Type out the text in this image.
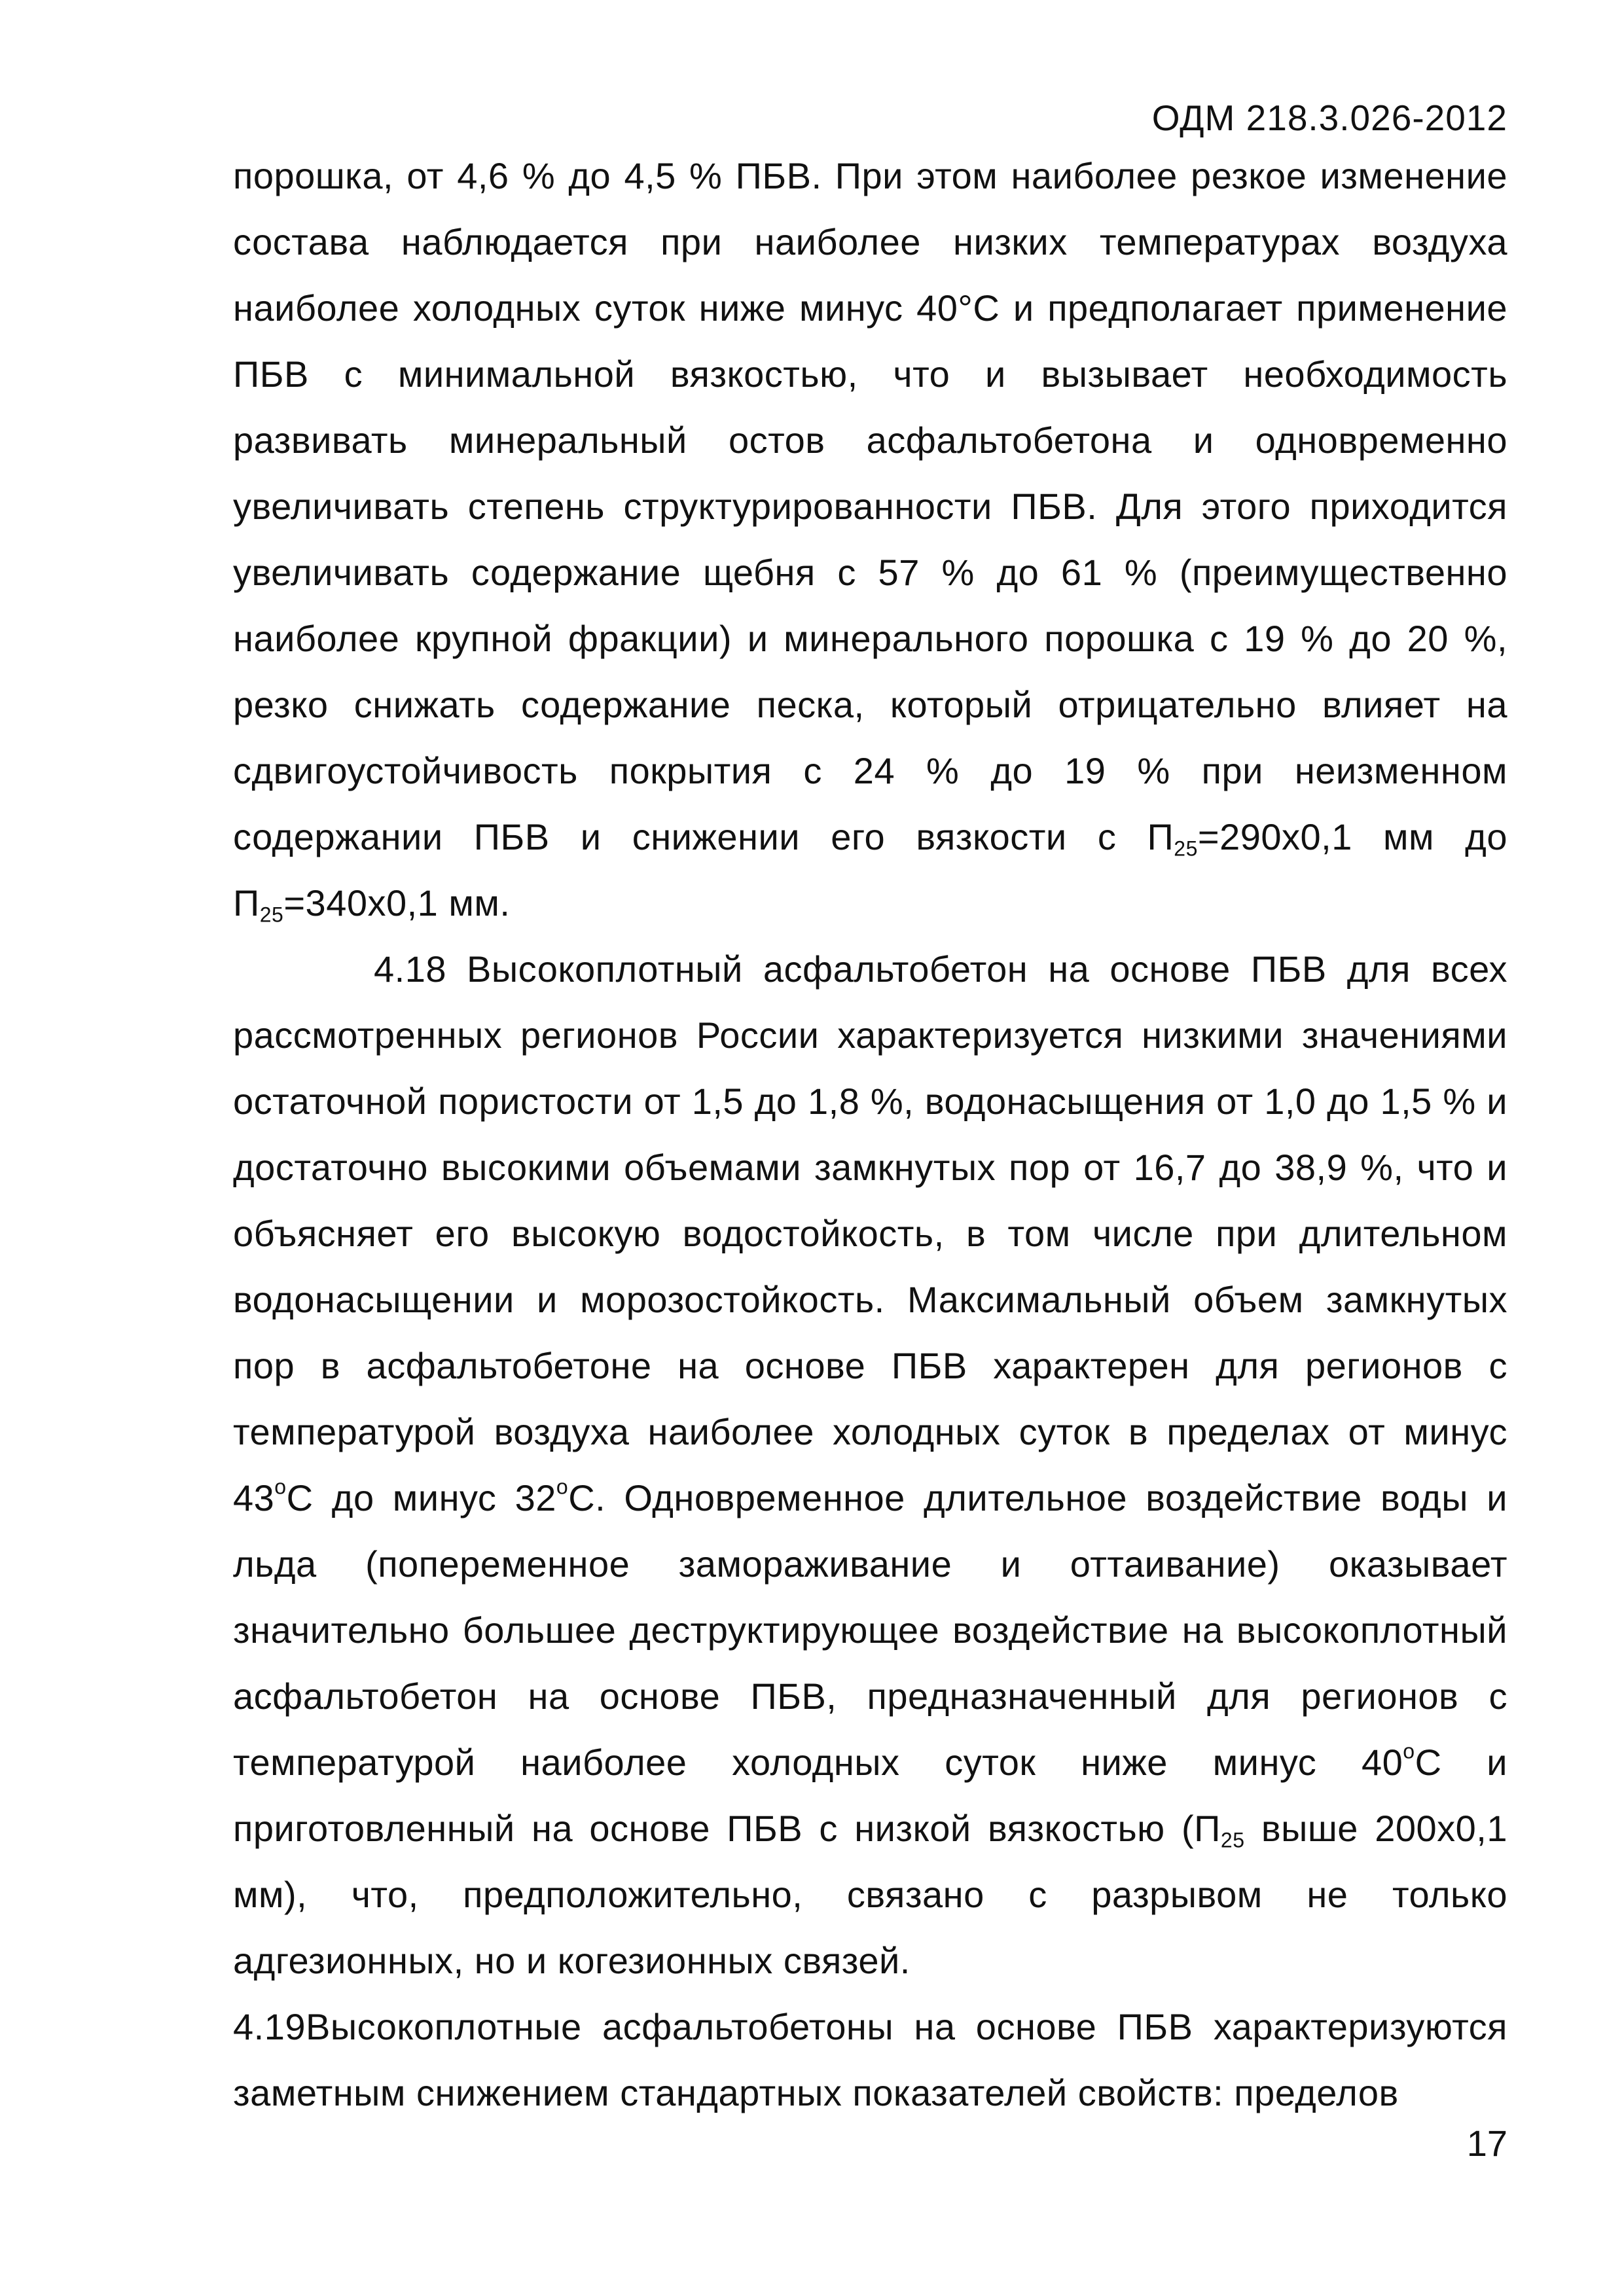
ОДМ 218.3.026-2012

порошка, от 4,6 % до 4,5 % ПБВ. При этом наиболее резкое изменение состава наблюдается при наиболее низких температурах воздуха наиболее холодных суток ниже минус 40°С и предполагает применение ПБВ с минимальной вязкостью, что и вызывает необходимость развивать минеральный остов асфальтобетона и одновременно увеличивать степень структурированности ПБВ. Для этого приходится увеличивать содержание щебня с 57 % до 61 % (преимущественно наиболее крупной фракции) и минерального порошка с 19 % до 20 %, резко снижать содержание песка, который отрицательно влияет на сдвигоустойчивость покрытия с 24 % до 19 % при неизменном содержании ПБВ и снижении его вязкости с $П_{25}=290х0,1$ мм до $П_{25}=340х0,1$ мм.

4.18 Высокоплотный асфальтобетон на основе ПБВ для всех рассмотренных регионов России характеризуется низкими значениями остаточной пористости от 1,5 до 1,8 %, водонасыщения от 1,0 до 1,5 % и достаточно высокими объемами замкнутых пор от 16,7 до 38,9 %, что и объясняет его высокую водостойкость, в том числе при длительном водонасыщении и морозостойкость. Максимальный объем замкнутых пор в асфальтобетоне на основе ПБВ характерен для регионов с температурой воздуха наиболее холодных суток в пределах от минус $43^оС$ до минус $32^оС$. Одновременное длительное воздействие воды и льда (попеременное замораживание и оттаивание) оказывает значительно большее деструктирующее воздействие на высокоплотный асфальтобетон на основе ПБВ, предназначенный для регионов с температурой наиболее холодных суток ниже минус $40^оС$ и приготовленный на основе ПБВ с низкой вязкостью ($П_{25}$ выше 200х0,1 мм), что, предположительно, связано с разрывом не только адгезионных, но и когезионных связей.

4.19Высокоплотные асфальтобетоны на основе ПБВ характеризуются заметным снижением стандартных показателей свойств: пределов

17
